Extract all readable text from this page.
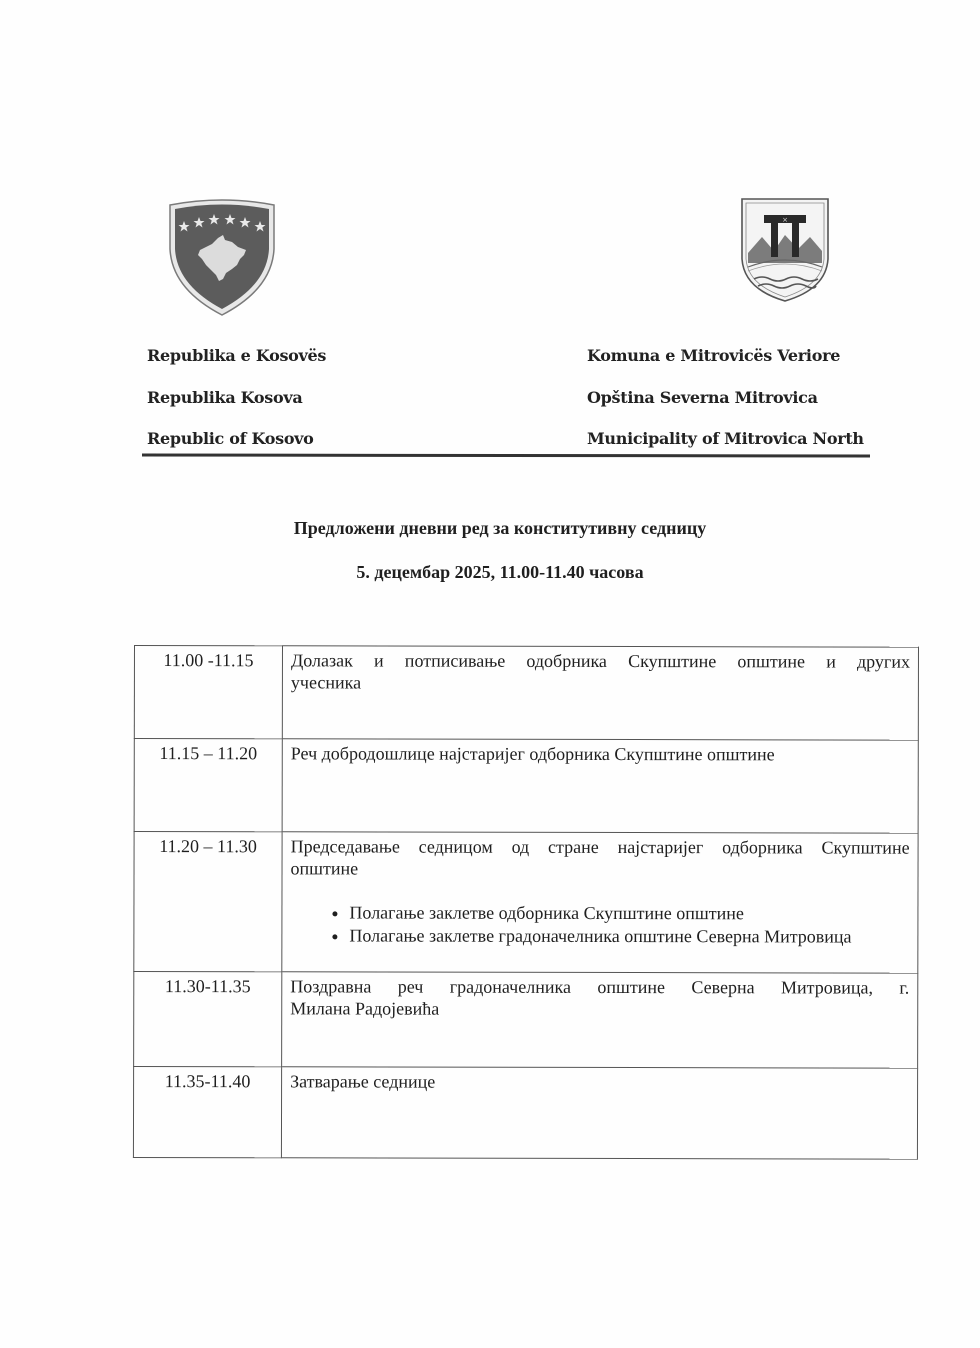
×
Republika e Kosovës
Republika Kosova
Republic of Kosovo
Komuna e Mitrovicës Veriore
Opština Severna Mitrovica
Municipality of Mitrovica North
Предложени дневни ред за конститутивну седницу
5. децембар 2025, 11.00-11.40 часова
11.00 -11.15	Долазак и потписивање одобрника Скупштине општине и других
учесника
11.15 – 11.20	Реч добродошлице најстаријег одборника Скупштине општине
11.20 – 11.30	Председавање седницом од стране најстаријег одборника Скупштине
општине
• Полагање заклетве одборника Скупштине општине
• Полагање заклетве градоначелника општине Северна Митровица

11.30-11.35	Поздравна реч градоначелника општине Северна Митровица, г.
Милана Радојевића
11.35-11.40	Затварање седнице
